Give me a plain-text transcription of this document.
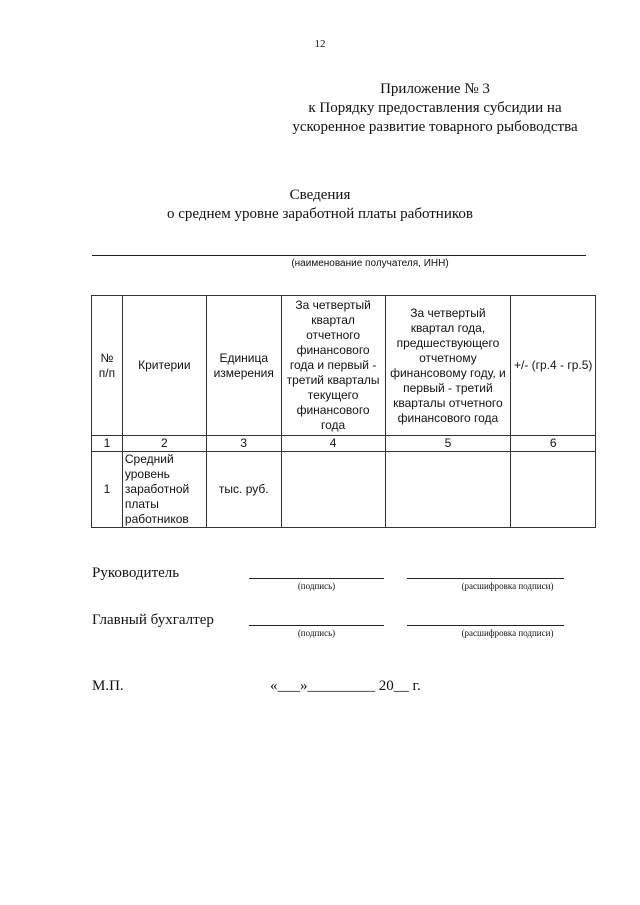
12
Приложение № 3
к Порядку предоставления субсидии на
ускоренное развитие товарного рыбоводства
Сведения
о среднем уровне заработной платы работников
(наименование получателя, ИНН)
№ п/п	Критерии	Единица измерения	За четвертый квартал отчетного финансового года и первый - третий кварталы текущего финансового года	За четвертый квартал года, предшествующего отчетному финансовому году, и первый - третий кварталы отчетного финансового года	+/- (гр.4 - гр.5)
1	2	3	4	5	6
1	Средний уровень заработной платы работников	тыс. руб.			
Руководитель
(подпись)	(расшифровка подписи)
Главный бухгалтер
(подпись)	(расшифровка подписи)
М.П.	«___»_________ 20__ г.
